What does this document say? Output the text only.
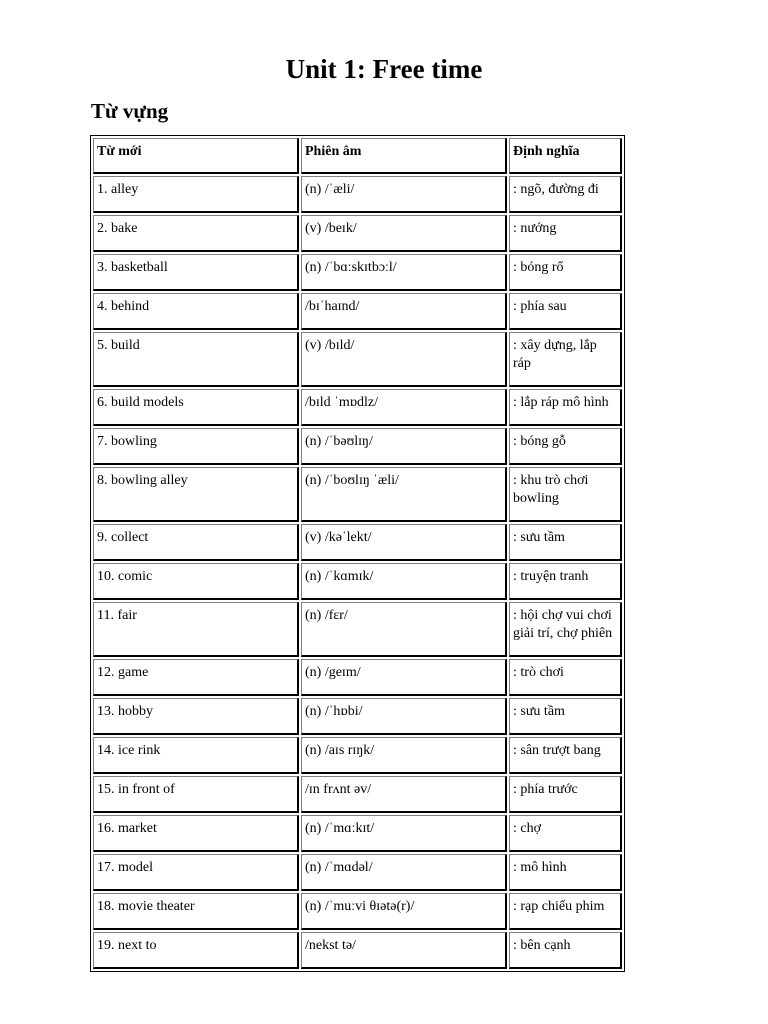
Unit 1: Free time
Từ vựng
Từ mới	Phiên âm	Định nghĩa
1. alley	(n) /ˈæli/	: ngõ, đường đi
2. bake	(v) /beɪk/	: nướng
3. basketball	(n) /ˈbɑːskɪtbɔːl/	: bóng rổ
4. behind	/bɪˈhaɪnd/	: phía sau
5. build	(v) /bɪld/	: xây dựng, lắp ráp
6. build models	/bɪld ˈmɒdlz/	: lắp ráp mô hình
7. bowling	(n) /ˈbəʊlɪŋ/	: bóng gỗ
8. bowling alley	(n) /ˈboʊlɪŋ ˈæli/	: khu trò chơi bowling
9. collect	(v) /kəˈlekt/	: sưu tầm
10. comic	(n) /ˈkɑmɪk/	: truyện tranh
11. fair	(n) /fɛr/	: hội chợ vui chơi giải trí, chợ phiên
12. game	(n) /geɪm/	: trò chơi
13. hobby	(n) /ˈhɒbi/	: sưu tầm
14. ice rink	(n) /aɪs rɪŋk/	: sân trượt bang
15. in front of	/ɪn frʌnt əv/	: phía trước
16. market	(n) /ˈmɑːkɪt/	: chợ
17. model	(n) /ˈmɑdəl/	: mô hình
18. movie theater	(n) /ˈmuːvi θɪətə(r)/	: rạp chiếu phim
19. next to	/nekst tə/	: bên cạnh
